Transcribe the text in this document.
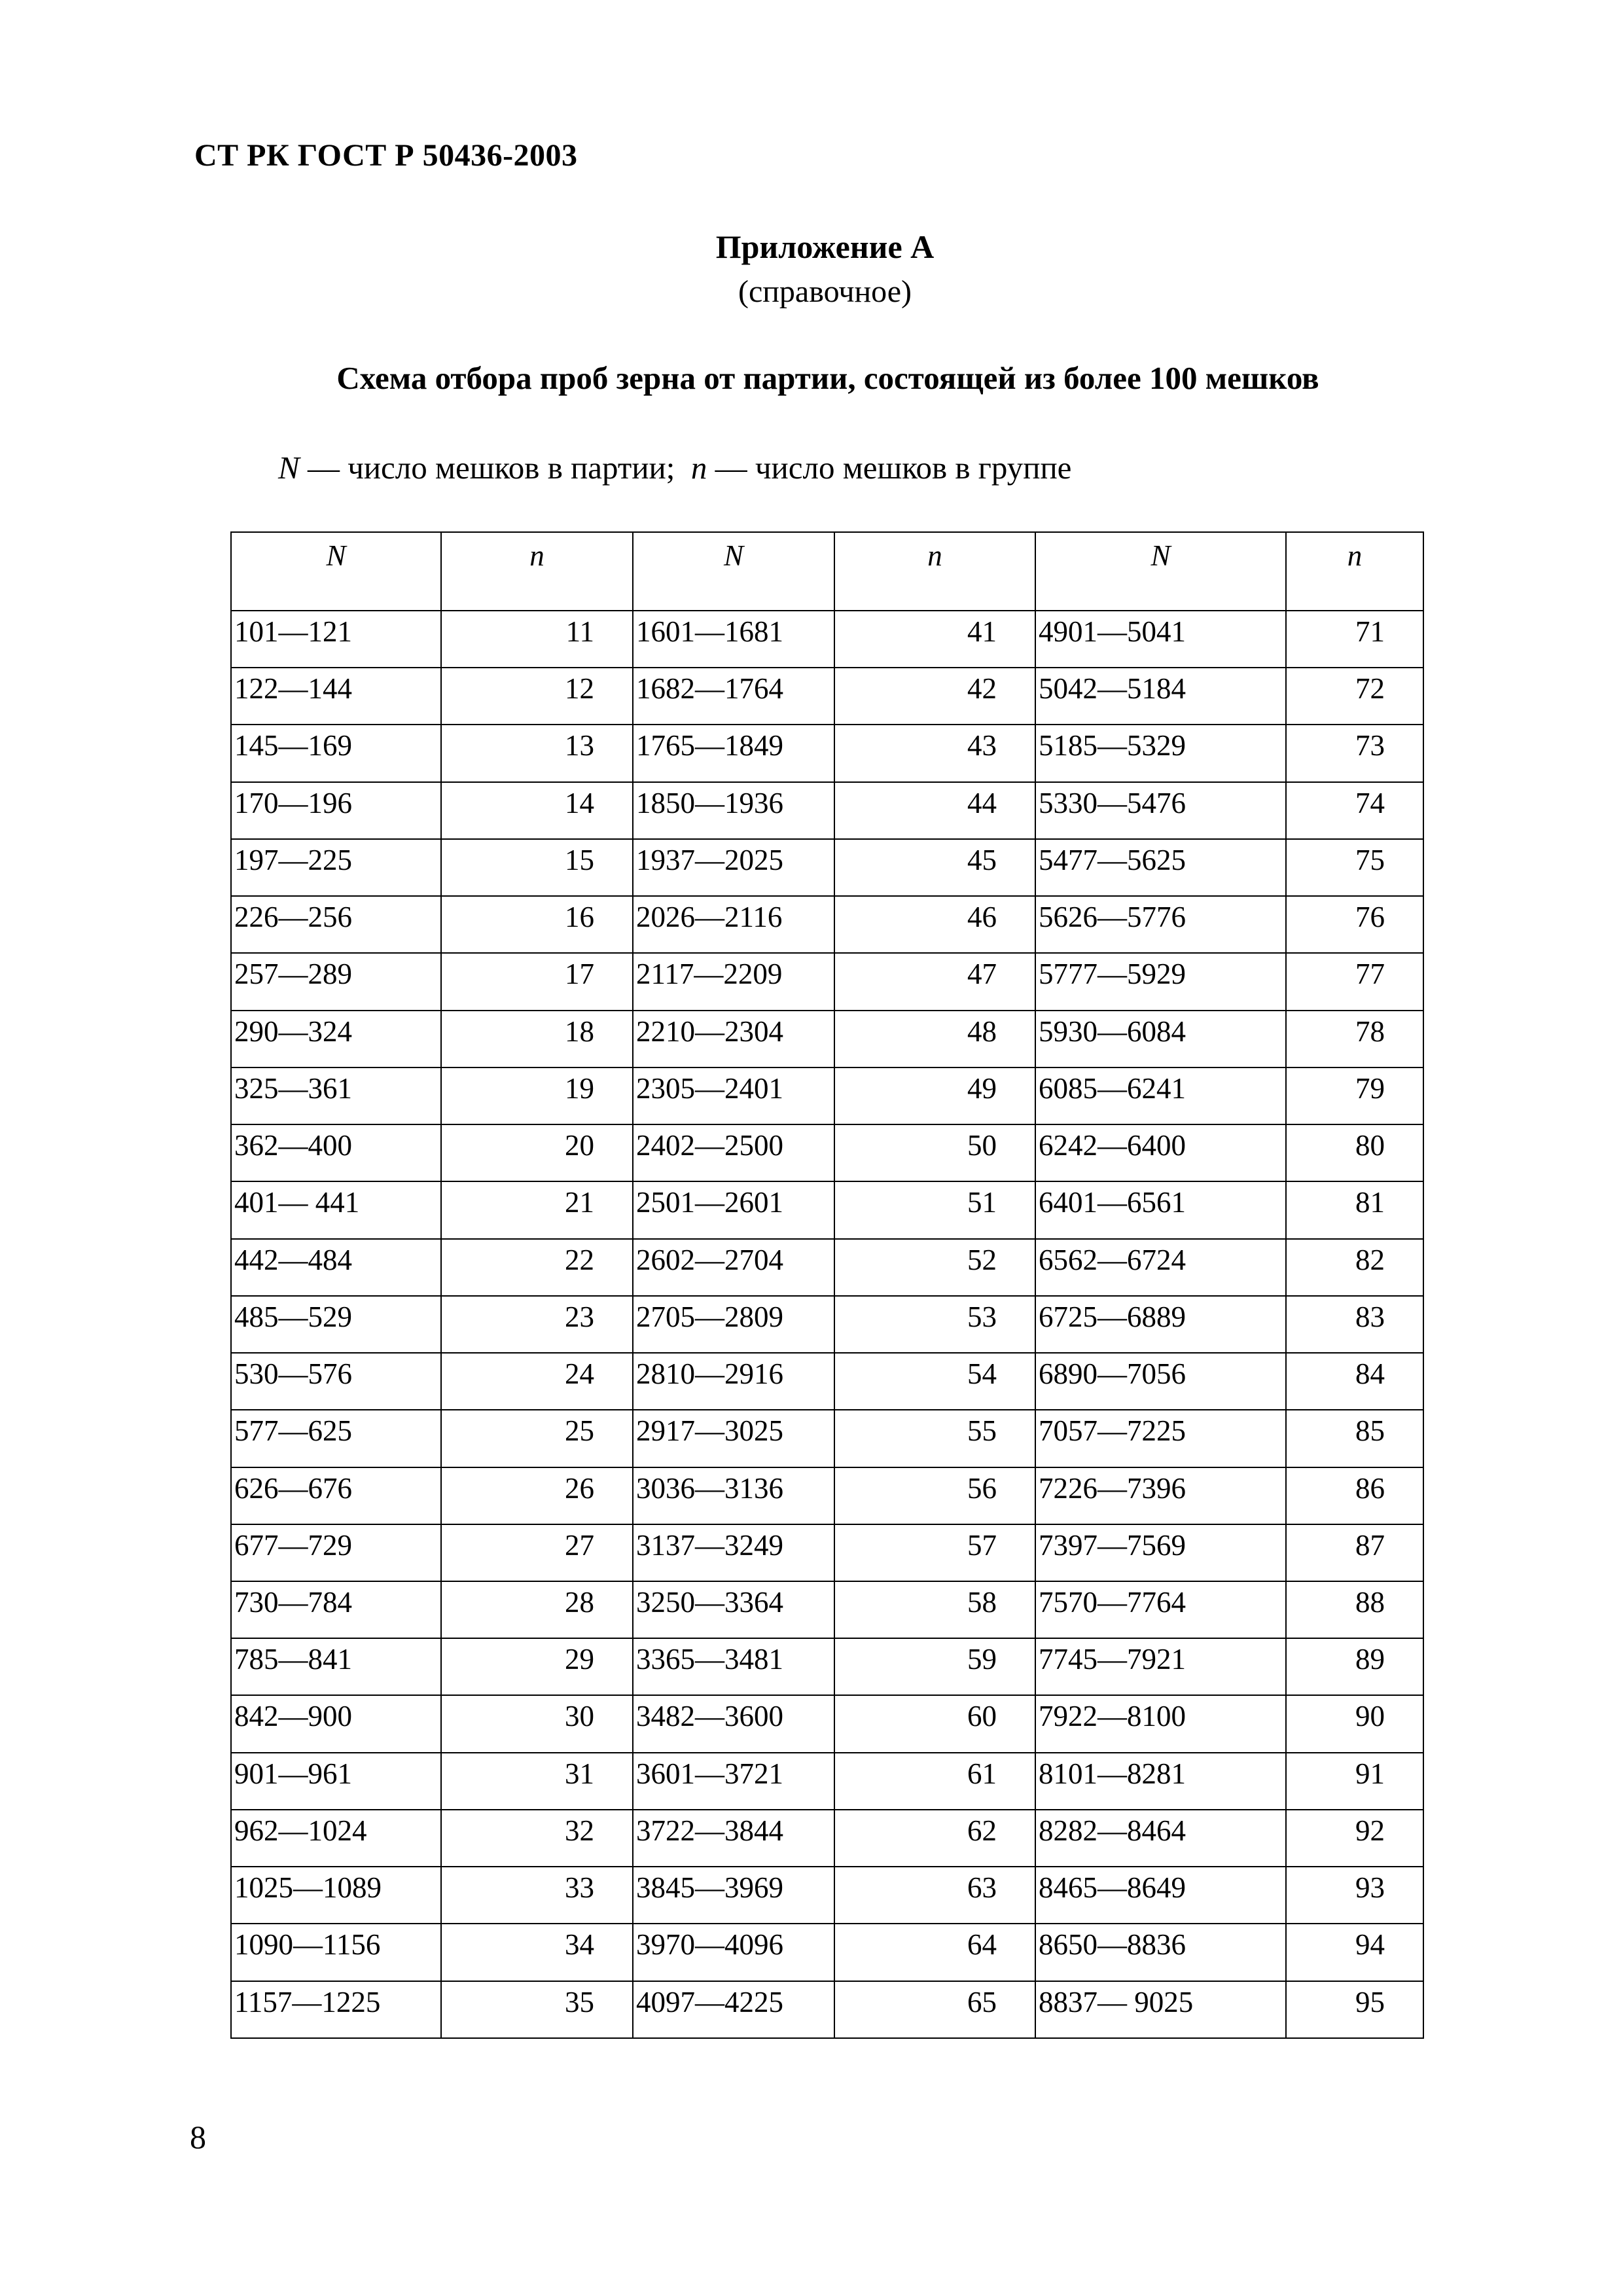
СТ РК ГОСТ Р 50436-2003
Приложение А
(справочное)
Схема отбора проб зерна от партии, состоящей из более 100 мешков
N — число мешков в партии;  n — число мешков в группе
N	n	N	n	N	n
101—121	11	1601—1681	41	4901—5041	71
122—144	12	1682—1764	42	5042—5184	72
145—169	13	1765—1849	43	5185—5329	73
170—196	14	1850—1936	44	5330—5476	74
197—225	15	1937—2025	45	5477—5625	75
226—256	16	2026—2116	46	5626—5776	76
257—289	17	2117—2209	47	5777—5929	77
290—324	18	2210—2304	48	5930—6084	78
325—361	19	2305—2401	49	6085—6241	79
362—400	20	2402—2500	50	6242—6400	80
401— 441	21	2501—2601	51	6401—6561	81
442—484	22	2602—2704	52	6562—6724	82
485—529	23	2705—2809	53	6725—6889	83
530—576	24	2810—2916	54	6890—7056	84
577—625	25	2917—3025	55	7057—7225	85
626—676	26	3036—3136	56	7226—7396	86
677—729	27	3137—3249	57	7397—7569	87
730—784	28	3250—3364	58	7570—7764	88
785—841	29	3365—3481	59	7745—7921	89
842—900	30	3482—3600	60	7922—8100	90
901—961	31	3601—3721	61	8101—8281	91
962—1024	32	3722—3844	62	8282—8464	92
1025—1089	33	3845—3969	63	8465—8649	93
1090—1156	34	3970—4096	64	8650—8836	94
1157—1225	35	4097—4225	65	8837— 9025	95
8
